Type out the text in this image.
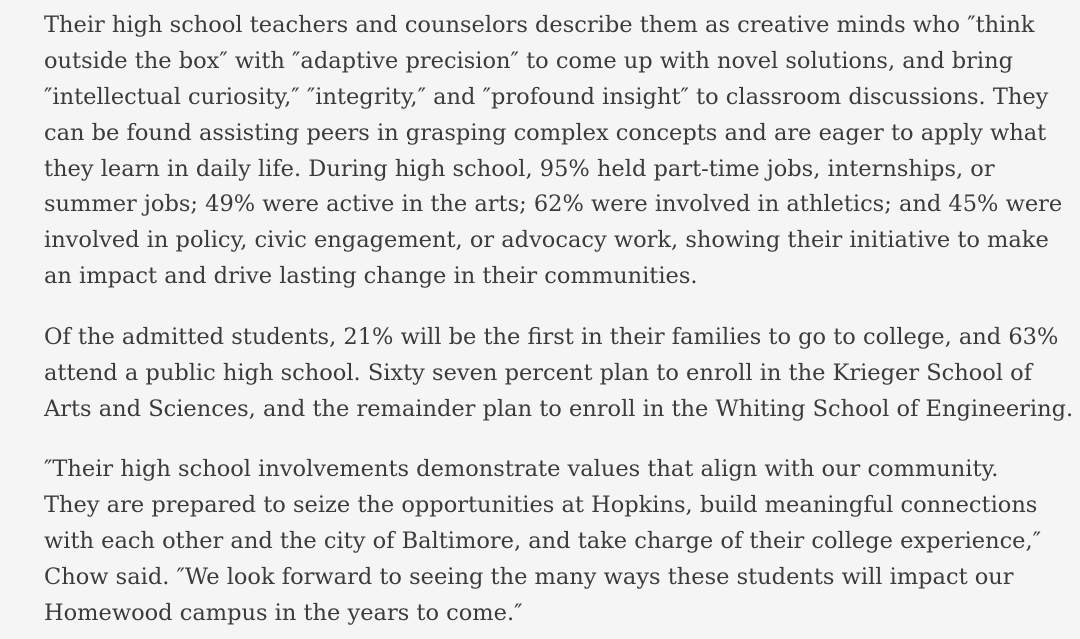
Their high school teachers and counselors describe them as creative minds who ″think
outside the box″ with ″adaptive precision″ to come up with novel solutions, and bring
″intellectual curiosity,″ ″integrity,″ and ″profound insight″ to classroom discussions. They
can be found assisting peers in grasping complex concepts and are eager to apply what
they learn in daily life. During high school, 95% held part-time jobs, internships, or
summer jobs; 49% were active in the arts; 62% were involved in athletics; and 45% were
involved in policy, civic engagement, or advocacy work, showing their initiative to make
an impact and drive lasting change in their communities.
Of the admitted students, 21% will be the first in their families to go to college, and 63%
attend a public high school. Sixty seven percent plan to enroll in the Krieger School of
Arts and Sciences, and the remainder plan to enroll in the Whiting School of Engineering.
″Their high school involvements demonstrate values that align with our community.
They are prepared to seize the opportunities at Hopkins, build meaningful connections
with each other and the city of Baltimore, and take charge of their college experience,″
Chow said. ″We look forward to seeing the many ways these students will impact our
Homewood campus in the years to come.″
